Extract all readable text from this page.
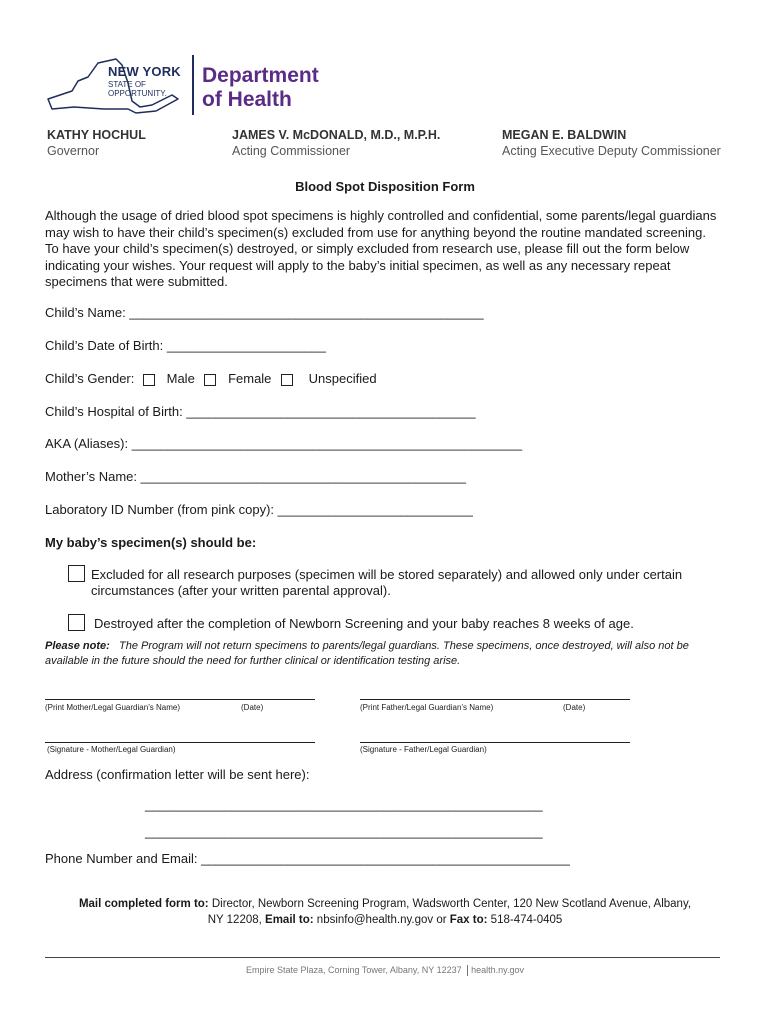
NEW YORK
STATE OF
OPPORTUNITY.
Department
of Health
KATHY HOCHUL
Governor
JAMES V. McDONALD, M.D., M.P.H.
Acting Commissioner
MEGAN E. BALDWIN
Acting Executive Deputy Commissioner
Blood Spot Disposition Form
Although the usage of dried blood spot specimens is highly controlled and confidential, some parents/legal guardians may wish to have their child’s specimen(s) excluded from use for anything beyond the routine mandated screening. To have your child’s specimen(s) destroyed, or simply excluded from research use, please fill out the form below indicating your wishes. Your request will apply to the baby’s initial specimen, as well as any necessary repeat specimens that were submitted.
Child’s Name: _________________________________________________
Child’s Date of Birth: ______________________
Child’s Gender: Male	Female	Unspecified
Child’s Hospital of Birth: ________________________________________
AKA (Aliases): ______________________________________________________
Mother’s Name: _____________________________________________
Laboratory ID Number (from pink copy): ___________________________
My baby’s specimen(s) should be:
Excluded for all research purposes (specimen will be stored separately) and allowed only under certain
circumstances (after your written parental approval).
Destroyed after the completion of Newborn Screening and your baby reaches 8 weeks of age.
Please note: The Program will not return specimens to parents/legal guardians. These specimens, once destroyed, will also not be available in the future should the need for further clinical or identification testing arise.
(Print Mother/Legal Guardian’s Name)	(Date)	(Print Father/Legal Guardian’s Name)	(Date)
(Signature - Mother/Legal Guardian)	(Signature - Father/Legal Guardian)
Address (confirmation letter will be sent here):
_______________________________________________________
_______________________________________________________
Phone Number and Email: ___________________________________________________
Mail completed form to: Director, Newborn Screening Program, Wadsworth Center, 120 New Scotland Avenue, Albany,
NY 12208, Email to: nbsinfo@health.ny.gov or Fax to: 518-474-0405
Empire State Plaza, Corning Tower, Albany, NY 12237 health.ny.gov
